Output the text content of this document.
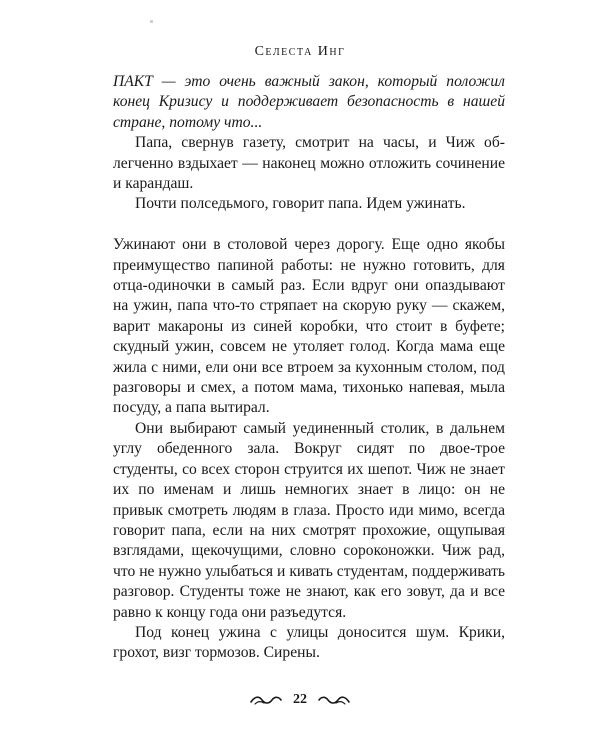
Селеста Инг

ПАКТ — это очень важный закон, который положил конец Кризису и поддерживает безопасность в нашей стране, потому что...

Папа, свернув газету, смотрит на часы, и Чиж облегченно вздыхает — наконец можно отложить сочинение и карандаш.

Почти полседьмого, говорит папа. Идем ужинать.

Ужинают они в столовой через дорогу. Еще одно якобы преимущество папиной работы: не нужно готовить, для отца-одиночки в самый раз. Если вдруг они опаздывают на ужин, папа что-то стряпает на скорую руку — скажем, варит макароны из синей коробки, что стоит в буфете; скудный ужин, совсем не утоляет голод. Когда мама еще жила с ними, ели они все втроем за кухонным столом, под разговоры и смех, а потом мама, тихонько напевая, мыла посуду, а папа вытирал.

Они выбирают самый уединенный столик, в дальнем углу обеденного зала. Вокруг сидят по двое-трое студенты, со всех сторон струится их шепот. Чиж не знает их по именам и лишь немногих знает в лицо: он не привык смотреть людям в глаза. Просто иди мимо, всегда говорит папа, если на них смотрят прохожие, ощупывая взглядами, щекочущими, словно сороконожки. Чиж рад, что не нужно улыбаться и кивать студентам, поддерживать разговор. Студенты тоже не знают, как его зовут, да и все равно к концу года они разъедутся.

Под конец ужина с улицы доносится шум. Крики, грохот, визг тормозов. Сирены.

22
